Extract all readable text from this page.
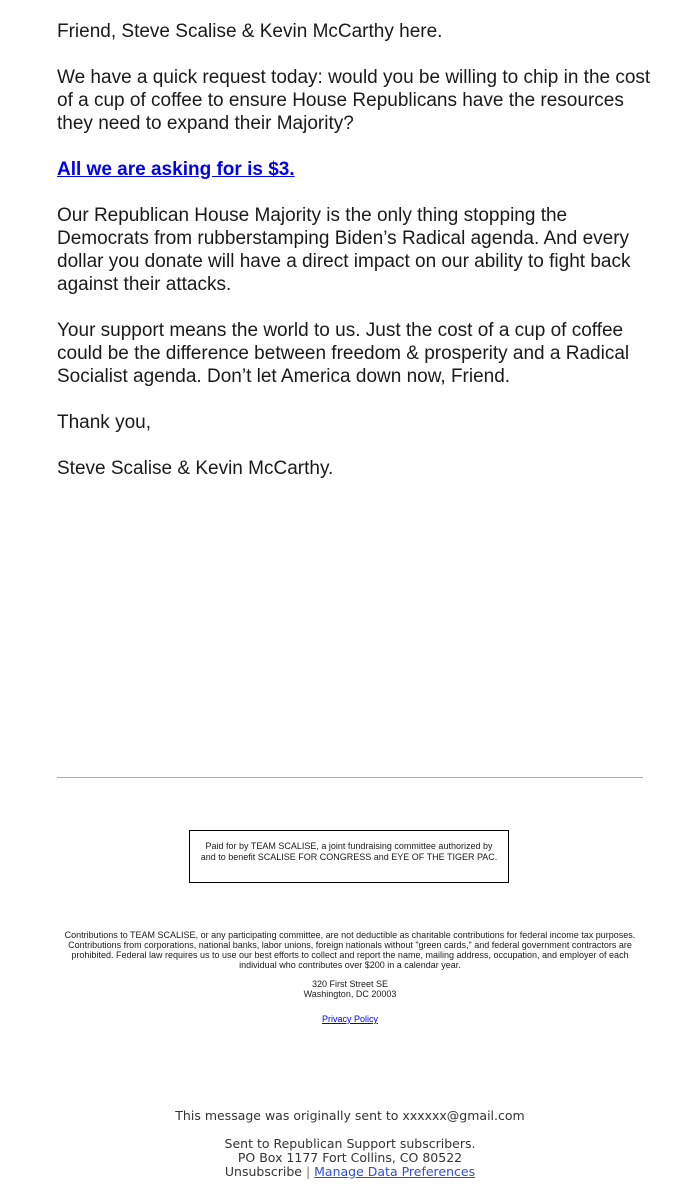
Friend, Steve Scalise & Kevin McCarthy here.

We have a quick request today: would you be willing to chip in the cost of a cup of coffee to ensure House Republicans have the resources they need to expand their Majority?

All we are asking for is $3.

Our Republican House Majority is the only thing stopping the Democrats from rubberstamping Biden’s Radical agenda. And every dollar you donate will have a direct impact on our ability to fight back against their attacks.

Your support means the world to us. Just the cost of a cup of coffee could be the difference between freedom & prosperity and a Radical Socialist agenda. Don’t let America down now, Friend.

Thank you,

Steve Scalise & Kevin McCarthy.

Paid for by TEAM SCALISE, a joint fundraising committee authorized by and to benefit SCALISE FOR CONGRESS and EYE OF THE TIGER PAC.
Contributions to TEAM SCALISE, or any participating committee, are not deductible as charitable contributions for federal income tax purposes. Contributions from corporations, national banks, labor unions, foreign nationals without "green cards," and federal government contractors are prohibited. Federal law requires us to use our best efforts to collect and report the name, mailing address, occupation, and employer of each individual who contributes over $200 in a calendar year.
320 First Street SE
Washington, DC 20003
Privacy Policy
This message was originally sent to xxxxxx@gmail.com
Sent to Republican Support subscribers.
PO Box 1177 Fort Collins, CO 80522
Unsubscribe | Manage Data Preferences
